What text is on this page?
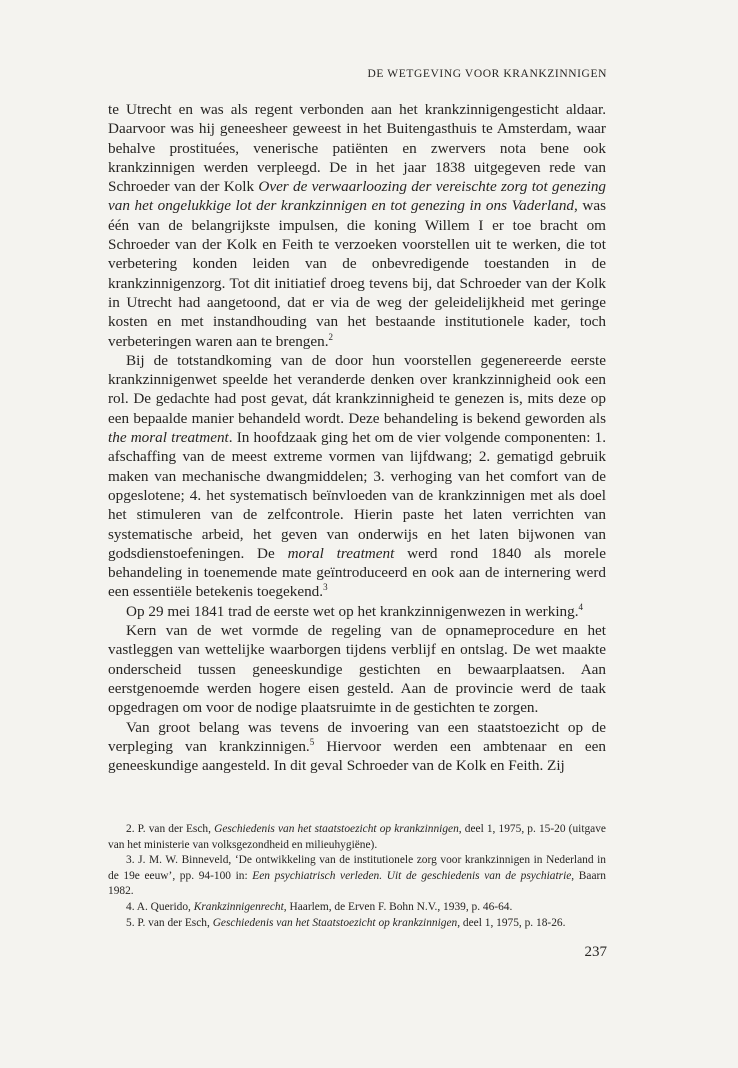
DE WETGEVING VOOR KRANKZINNIGEN

te Utrecht en was als regent verbonden aan het krankzinnigengesticht aldaar. Daarvoor was hij geneesheer geweest in het Buitengasthuis te Amsterdam, waar behalve prostituées, venerische patiënten en zwervers nota bene ook krankzinnigen werden verpleegd. De in het jaar 1838 uitgegeven rede van Schroeder van der Kolk Over de verwaarloozing der vereischte zorg tot genezing van het ongelukkige lot der krankzinnigen en tot genezing in ons Vaderland, was één van de belangrijkste impulsen, die koning Willem I er toe bracht om Schroeder van der Kolk en Feith te verzoeken voorstellen uit te werken, die tot verbetering konden leiden van de onbevredigende toestanden in de krankzinnigenzorg. Tot dit initiatief droeg tevens bij, dat Schroeder van der Kolk in Utrecht had aangetoond, dat er via de weg der geleidelijkheid met geringe kosten en met instandhouding van het bestaande institutionele kader, toch verbeteringen waren aan te brengen.$^2$

Bij de totstandkoming van de door hun voorstellen gegenereerde eerste krankzinnigenwet speelde het veranderde denken over krankzinnigheid ook een rol. De gedachte had post gevat, dát krankzinnigheid te genezen is, mits deze op een bepaalde manier behandeld wordt. Deze behandeling is bekend geworden als the moral treatment. In hoofdzaak ging het om de vier volgende componenten: 1. afschaffing van de meest extreme vormen van lijfdwang; 2. gematigd gebruik maken van mechanische dwangmiddelen; 3. verhoging van het comfort van de opgeslotene; 4. het systematisch beïnvloeden van de krankzinnigen met als doel het stimuleren van de zelfcontrole. Hierin paste het laten verrichten van systematische arbeid, het geven van onderwijs en het laten bijwonen van godsdienstoefeningen. De moral treatment werd rond 1840 als morele behandeling in toenemende mate geïntroduceerd en ook aan de internering werd een essentiële betekenis toegekend.$^3$

Op 29 mei 1841 trad de eerste wet op het krankzinnigenwezen in werking.$^4$

Kern van de wet vormde de regeling van de opnameprocedure en het vastleggen van wettelijke waarborgen tijdens verblijf en ontslag. De wet maakte onderscheid tussen geneeskundige gestichten en bewaarplaatsen. Aan eerstgenoemde werden hogere eisen gesteld. Aan de provincie werd de taak opgedragen om voor de nodige plaatsruimte in de gestichten te zorgen.

Van groot belang was tevens de invoering van een staatstoezicht op de verpleging van krankzinnigen.$^5$ Hiervoor werden een ambtenaar en een geneeskundige aangesteld. In dit geval Schroeder van de Kolk en Feith. Zij

2. P. van der Esch, Geschiedenis van het staatstoezicht op krankzinnigen, deel 1, 1975, p. 15-20 (uitgave van het ministerie van volksgezondheid en milieuhygiëne).

3. J. M. W. Binneveld, ‘De ontwikkeling van de institutionele zorg voor krankzinnigen in Nederland in de 19e eeuw’, pp. 94-100 in: Een psychiatrisch verleden. Uit de geschiedenis van de psychiatrie, Baarn 1982.

4. A. Querido, Krankzinnigenrecht, Haarlem, de Erven F. Bohn N.V., 1939, p. 46-64.

5. P. van der Esch, Geschiedenis van het Staatstoezicht op krankzinnigen, deel 1, 1975, p. 18-26.

237
